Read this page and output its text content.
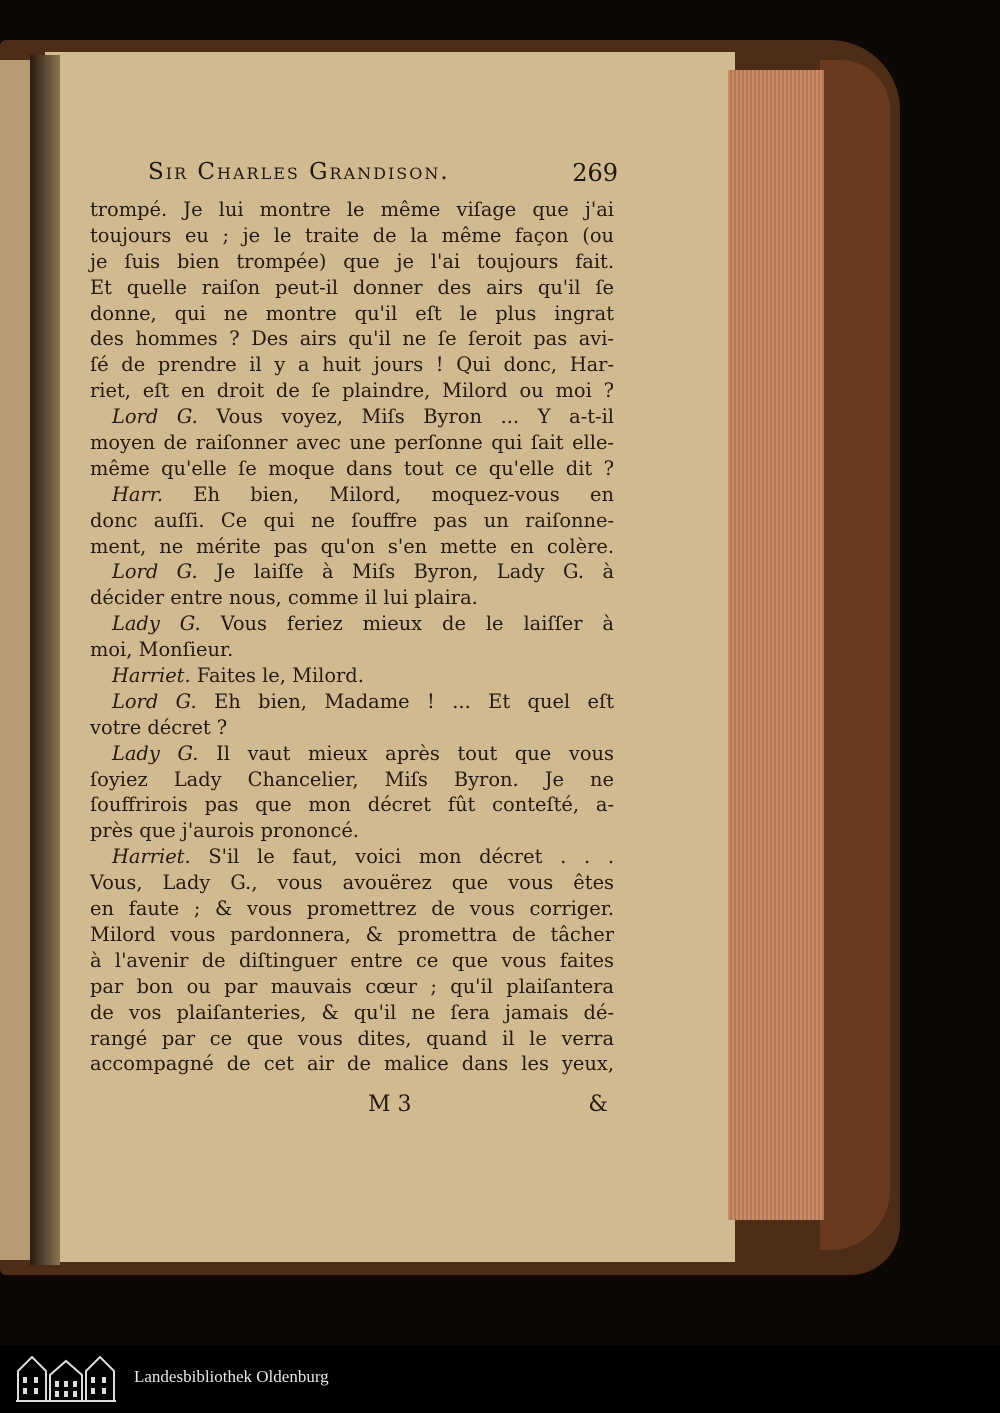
Sir Charles Grandison.	269
trompé. Je lui montre le même viſage que j'ai
toujours eu ; je le traite de la même façon (ou
je ſuis bien trompée) que je l'ai toujours fait.
Et quelle raiſon peut-il donner des airs qu'il ſe
donne, qui ne montre qu'il eſt le plus ingrat
des hommes ? Des airs qu'il ne ſe ſeroit pas avi-
ſé de prendre il y a huit jours ! Qui donc, Har-
riet, eſt en droit de ſe plaindre, Milord ou moi ?
Lord G. Vous voyez, Miſs Byron ... Y a-t-il
moyen de raiſonner avec une perſonne qui ſait elle-
même qu'elle ſe moque dans tout ce qu'elle dit ?
Harr. Eh bien, Milord, moquez-vous en
donc auſſi. Ce qui ne ſouffre pas un raiſonne-
ment, ne mérite pas qu'on s'en mette en colère.
Lord G. Je laiſſe à Miſs Byron, Lady G. à
décider entre nous, comme il lui plaira.
Lady G. Vous feriez mieux de le laiſſer à
moi, Monſieur.
Harriet. Faites le, Milord.
Lord G. Eh bien, Madame ! ... Et quel eſt
votre décret ?
Lady G. Il vaut mieux après tout que vous
ſoyiez Lady Chancelier, Miſs Byron. Je ne
ſouffrirois pas que mon décret fût conteſté, a-
près que j'aurois prononcé.
Harriet. S'il le faut, voici mon décret . . .
Vous, Lady G., vous avouërez que vous êtes
en faute ; & vous promettrez de vous corriger.
Milord vous pardonnera, & promettra de tâcher
à l'avenir de diſtinguer entre ce que vous faites
par bon ou par mauvais cœur ; qu'il plaiſantera
de vos plaiſanteries, & qu'il ne ſera jamais dé-
rangé par ce que vous dites, quand il le verra
accompagné de cet air de malice dans les yeux,
M 3	&
Landesbibliothek Oldenburg
